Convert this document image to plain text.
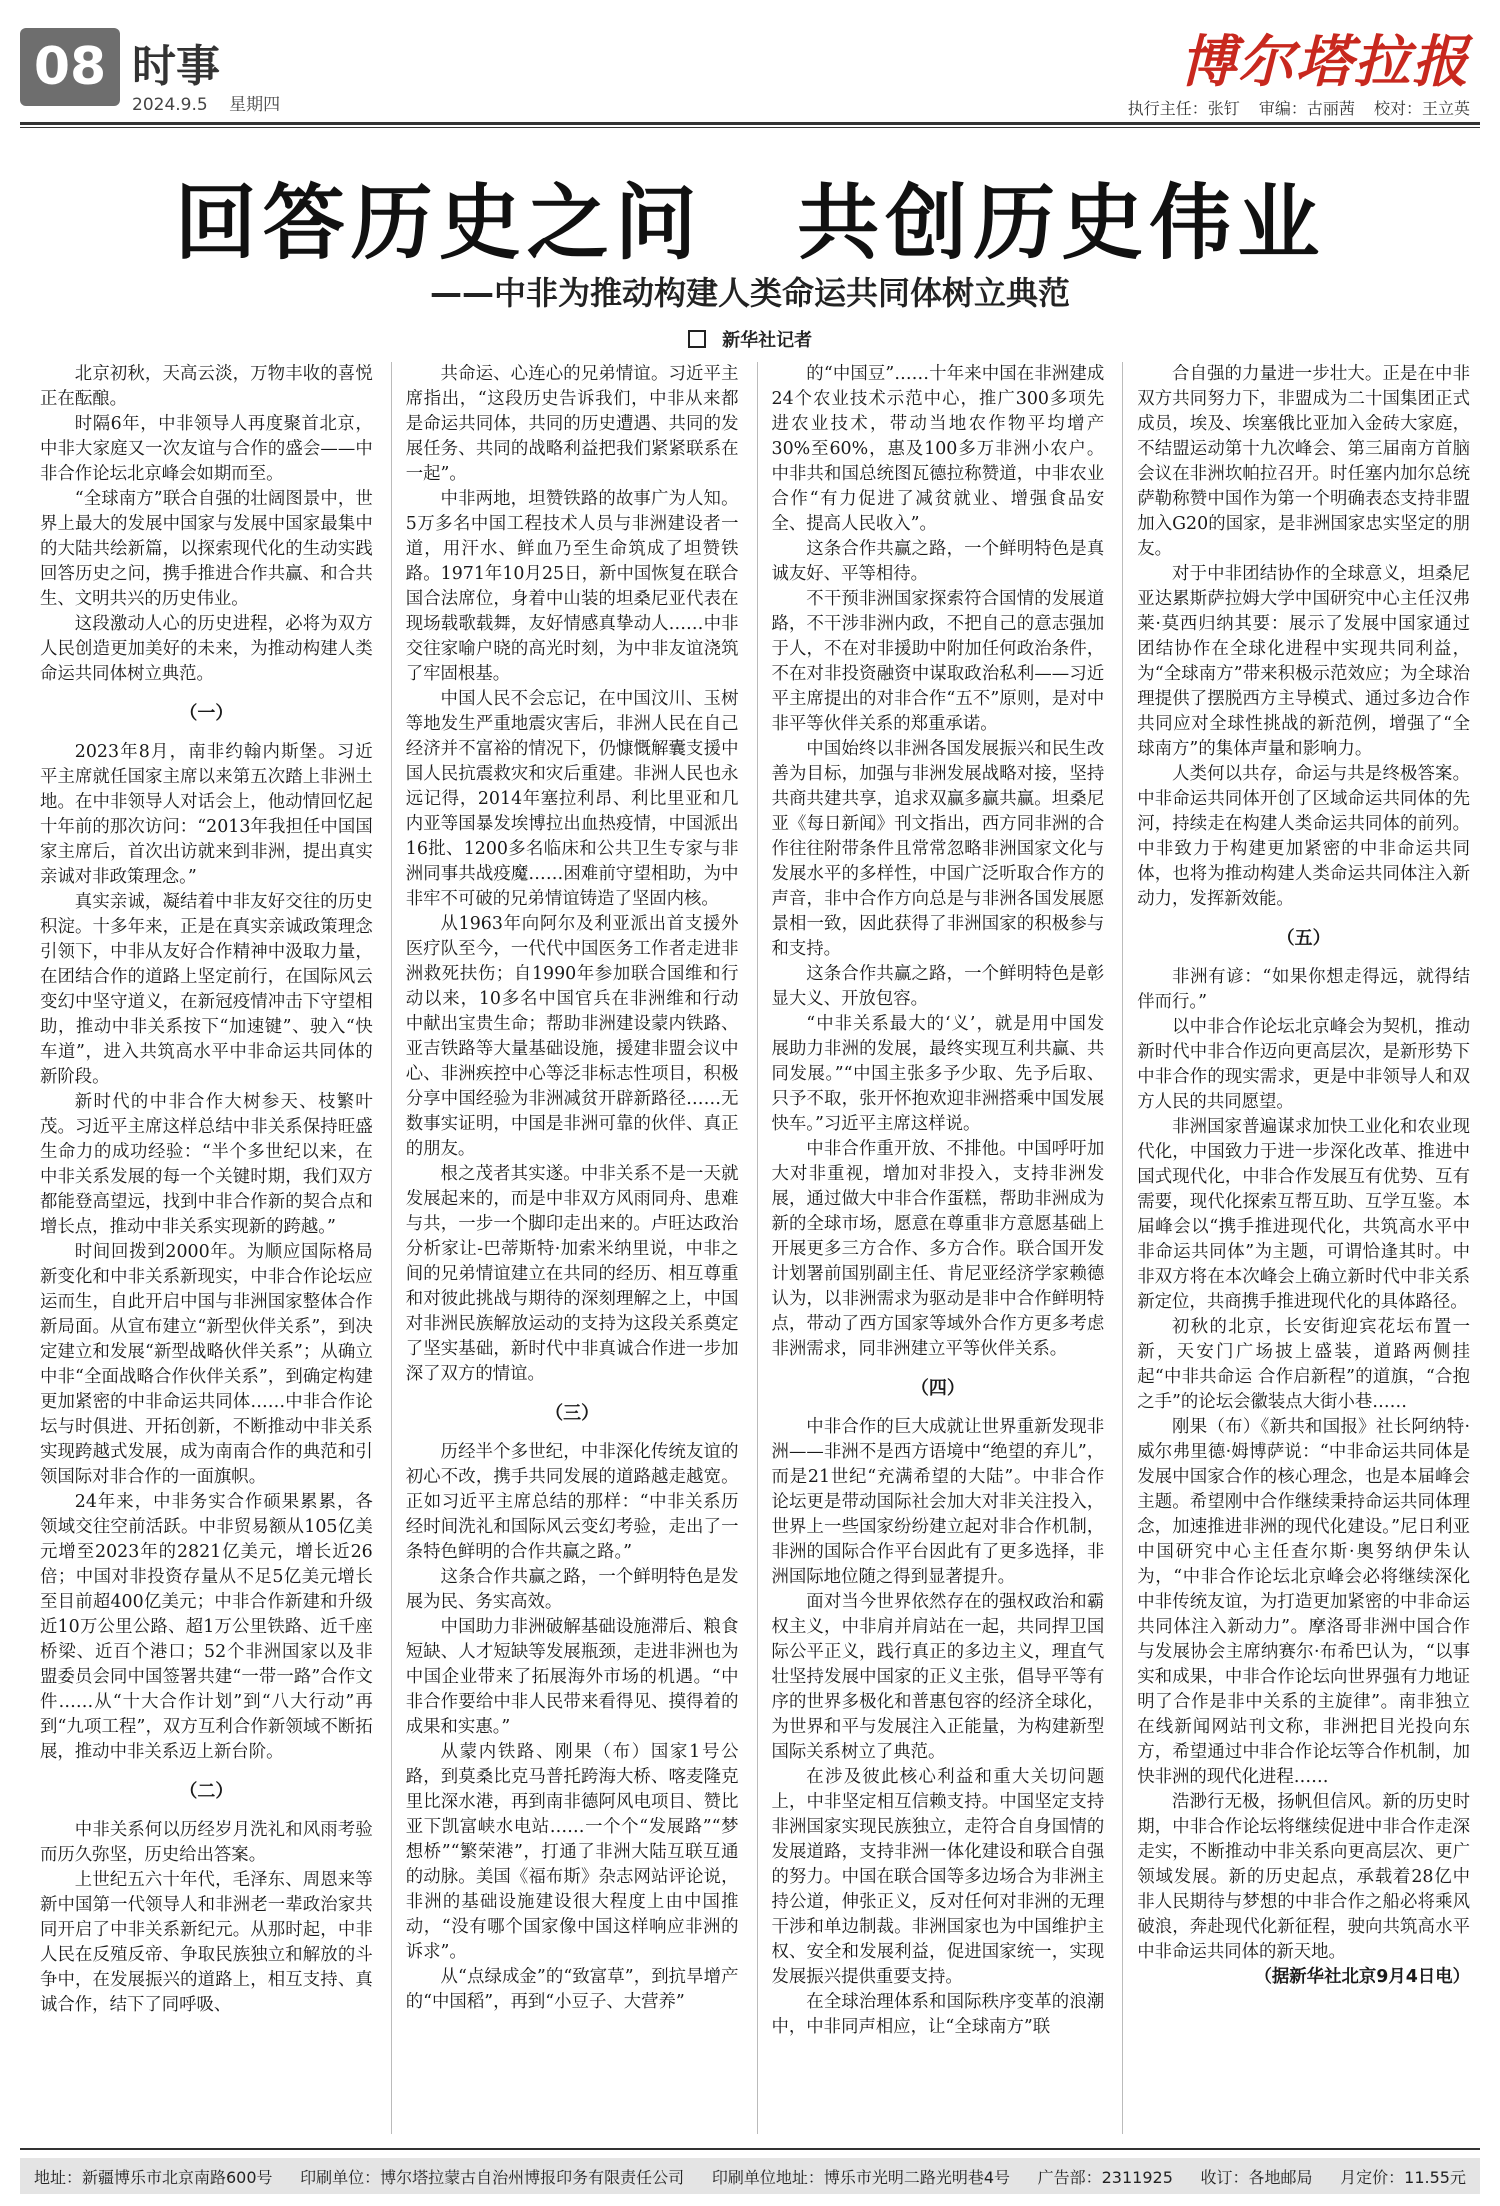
08 时事
2024.9.5 星期四
博尔塔拉报
执行主任：张钉 审编：古丽茜 校对：王立英
回答历史之问 共创历史伟业
——中非为推动构建人类命运共同体树立典范
新华社记者

北京初秋，天高云淡，万物丰收的喜悦正在酝酿。

时隔6年，中非领导人再度聚首北京，中非大家庭又一次友谊与合作的盛会——中非合作论坛北京峰会如期而至。

“全球南方”联合自强的壮阔图景中，世界上最大的发展中国家与发展中国家最集中的大陆共绘新篇，以探索现代化的生动实践回答历史之问，携手推进合作共赢、和合共生、文明共兴的历史伟业。

这段激动人心的历史进程，必将为双方人民创造更加美好的未来，为推动构建人类命运共同体树立典范。

（一）

2023年8月，南非约翰内斯堡。习近平主席就任国家主席以来第五次踏上非洲土地。在中非领导人对话会上，他动情回忆起十年前的那次访问：“2013年我担任中国国家主席后，首次出访就来到非洲，提出真实亲诚对非政策理念。”

真实亲诚，凝结着中非友好交往的历史积淀。十多年来，正是在真实亲诚政策理念引领下，中非从友好合作精神中汲取力量，在团结合作的道路上坚定前行，在国际风云变幻中坚守道义，在新冠疫情冲击下守望相助，推动中非关系按下“加速键”、驶入“快车道”，进入共筑高水平中非命运共同体的新阶段。

新时代的中非合作大树参天、枝繁叶茂。习近平主席这样总结中非关系保持旺盛生命力的成功经验：“半个多世纪以来，在中非关系发展的每一个关键时期，我们双方都能登高望远，找到中非合作新的契合点和增长点，推动中非关系实现新的跨越。”

时间回拨到2000年。为顺应国际格局新变化和中非关系新现实，中非合作论坛应运而生，自此开启中国与非洲国家整体合作新局面。从宣布建立“新型伙伴关系”，到决定建立和发展“新型战略伙伴关系”；从确立中非“全面战略合作伙伴关系”，到确定构建更加紧密的中非命运共同体……中非合作论坛与时俱进、开拓创新，不断推动中非关系实现跨越式发展，成为南南合作的典范和引领国际对非合作的一面旗帜。

24年来，中非务实合作硕果累累，各领域交往空前活跃。中非贸易额从105亿美元增至2023年的2821亿美元，增长近26倍；中国对非投资存量从不足5亿美元增长至目前超400亿美元；中非合作新建和升级近10万公里公路、超1万公里铁路、近千座桥梁、近百个港口；52个非洲国家以及非盟委员会同中国签署共建“一带一路”合作文件……从“十大合作计划”到“八大行动”再到“九项工程”，双方互利合作新领域不断拓展，推动中非关系迈上新台阶。

（二）

中非关系何以历经岁月洗礼和风雨考验而历久弥坚，历史给出答案。

上世纪五六十年代，毛泽东、周恩来等新中国第一代领导人和非洲老一辈政治家共同开启了中非关系新纪元。从那时起，中非人民在反殖反帝、争取民族独立和解放的斗争中，在发展振兴的道路上，相互支持、真诚合作，结下了同呼吸、

共命运、心连心的兄弟情谊。习近平主席指出，“这段历史告诉我们，中非从来都是命运共同体，共同的历史遭遇、共同的发展任务、共同的战略利益把我们紧紧联系在一起”。

中非两地，坦赞铁路的故事广为人知。5万多名中国工程技术人员与非洲建设者一道，用汗水、鲜血乃至生命筑成了坦赞铁路。1971年10月25日，新中国恢复在联合国合法席位，身着中山装的坦桑尼亚代表在现场载歌载舞，友好情感真挚动人……中非交往家喻户晓的高光时刻，为中非友谊浇筑了牢固根基。

中国人民不会忘记，在中国汶川、玉树等地发生严重地震灾害后，非洲人民在自己经济并不富裕的情况下，仍慷慨解囊支援中国人民抗震救灾和灾后重建。非洲人民也永远记得，2014年塞拉利昂、利比里亚和几内亚等国暴发埃博拉出血热疫情，中国派出16批、1200多名临床和公共卫生专家与非洲同事共战疫魔……困难前守望相助，为中非牢不可破的兄弟情谊铸造了坚固内核。

从1963年向阿尔及利亚派出首支援外医疗队至今，一代代中国医务工作者走进非洲救死扶伤；自1990年参加联合国维和行动以来，10多名中国官兵在非洲维和行动中献出宝贵生命；帮助非洲建设蒙内铁路、亚吉铁路等大量基础设施，援建非盟会议中心、非洲疾控中心等泛非标志性项目，积极分享中国经验为非洲减贫开辟新路径……无数事实证明，中国是非洲可靠的伙伴、真正的朋友。

根之茂者其实遂。中非关系不是一天就发展起来的，而是中非双方风雨同舟、患难与共，一步一个脚印走出来的。卢旺达政治分析家让-巴蒂斯特·加索米纳里说，中非之间的兄弟情谊建立在共同的经历、相互尊重和对彼此挑战与期待的深刻理解之上，中国对非洲民族解放运动的支持为这段关系奠定了坚实基础，新时代中非真诚合作进一步加深了双方的情谊。

（三）

历经半个多世纪，中非深化传统友谊的初心不改，携手共同发展的道路越走越宽。正如习近平主席总结的那样：“中非关系历经时间洗礼和国际风云变幻考验，走出了一条特色鲜明的合作共赢之路。”

这条合作共赢之路，一个鲜明特色是发展为民、务实高效。

中国助力非洲破解基础设施滞后、粮食短缺、人才短缺等发展瓶颈，走进非洲也为中国企业带来了拓展海外市场的机遇。“中非合作要给中非人民带来看得见、摸得着的成果和实惠。”

从蒙内铁路、刚果（布）国家1号公路，到莫桑比克马普托跨海大桥、喀麦隆克里比深水港，再到南非德阿风电项目、赞比亚下凯富峡水电站……一个个“发展路”“梦想桥”“繁荣港”，打通了非洲大陆互联互通的动脉。美国《福布斯》杂志网站评论说，非洲的基础设施建设很大程度上由中国推动，“没有哪个国家像中国这样响应非洲的诉求”。

从“点绿成金”的“致富草”，到抗旱增产的“中国稻”，再到“小豆子、大营养”

的“中国豆”……十年来中国在非洲建成24个农业技术示范中心，推广300多项先进农业技术，带动当地农作物平均增产30%至60%，惠及100多万非洲小农户。中非共和国总统图瓦德拉称赞道，中非农业合作“有力促进了减贫就业、增强食品安全、提高人民收入”。

这条合作共赢之路，一个鲜明特色是真诚友好、平等相待。

不干预非洲国家探索符合国情的发展道路，不干涉非洲内政，不把自己的意志强加于人，不在对非援助中附加任何政治条件，不在对非投资融资中谋取政治私利——习近平主席提出的对非合作“五不”原则，是对中非平等伙伴关系的郑重承诺。

中国始终以非洲各国发展振兴和民生改善为目标，加强与非洲发展战略对接，坚持共商共建共享，追求双赢多赢共赢。坦桑尼亚《每日新闻》刊文指出，西方同非洲的合作往往附带条件且常常忽略非洲国家文化与发展水平的多样性，中国广泛听取合作方的声音，非中合作方向总是与非洲各国发展愿景相一致，因此获得了非洲国家的积极参与和支持。

这条合作共赢之路，一个鲜明特色是彰显大义、开放包容。

“中非关系最大的‘义’，就是用中国发展助力非洲的发展，最终实现互利共赢、共同发展。”“中国主张多予少取、先予后取、只予不取，张开怀抱欢迎非洲搭乘中国发展快车。”习近平主席这样说。

中非合作重开放、不排他。中国呼吁加大对非重视，增加对非投入，支持非洲发展，通过做大中非合作蛋糕，帮助非洲成为新的全球市场，愿意在尊重非方意愿基础上开展更多三方合作、多方合作。联合国开发计划署前国别副主任、肯尼亚经济学家赖德认为，以非洲需求为驱动是非中合作鲜明特点，带动了西方国家等域外合作方更多考虑非洲需求，同非洲建立平等伙伴关系。

（四）

中非合作的巨大成就让世界重新发现非洲——非洲不是西方语境中“绝望的弃儿”，而是21世纪“充满希望的大陆”。中非合作论坛更是带动国际社会加大对非关注投入，世界上一些国家纷纷建立起对非合作机制，非洲的国际合作平台因此有了更多选择，非洲国际地位随之得到显著提升。

面对当今世界依然存在的强权政治和霸权主义，中非肩并肩站在一起，共同捍卫国际公平正义，践行真正的多边主义，理直气壮坚持发展中国家的正义主张，倡导平等有序的世界多极化和普惠包容的经济全球化，为世界和平与发展注入正能量，为构建新型国际关系树立了典范。

在涉及彼此核心利益和重大关切问题上，中非坚定相互信赖支持。中国坚定支持非洲国家实现民族独立，走符合自身国情的发展道路，支持非洲一体化建设和联合自强的努力。中国在联合国等多边场合为非洲主持公道，伸张正义，反对任何对非洲的无理干涉和单边制裁。非洲国家也为中国维护主权、安全和发展利益，促进国家统一，实现发展振兴提供重要支持。

在全球治理体系和国际秩序变革的浪潮中，中非同声相应，让“全球南方”联

合自强的力量进一步壮大。正是在中非双方共同努力下，非盟成为二十国集团正式成员，埃及、埃塞俄比亚加入金砖大家庭，不结盟运动第十九次峰会、第三届南方首脑会议在非洲坎帕拉召开。时任塞内加尔总统萨勒称赞中国作为第一个明确表态支持非盟加入G20的国家，是非洲国家忠实坚定的朋友。

对于中非团结协作的全球意义，坦桑尼亚达累斯萨拉姆大学中国研究中心主任汉弗莱·莫西归纳其要：展示了发展中国家通过团结协作在全球化进程中实现共同利益，为“全球南方”带来积极示范效应；为全球治理提供了摆脱西方主导模式、通过多边合作共同应对全球性挑战的新范例，增强了“全球南方”的集体声量和影响力。

人类何以共存，命运与共是终极答案。中非命运共同体开创了区域命运共同体的先河，持续走在构建人类命运共同体的前列。中非致力于构建更加紧密的中非命运共同体，也将为推动构建人类命运共同体注入新动力，发挥新效能。

（五）

非洲有谚：“如果你想走得远，就得结伴而行。”

以中非合作论坛北京峰会为契机，推动新时代中非合作迈向更高层次，是新形势下中非合作的现实需求，更是中非领导人和双方人民的共同愿望。

非洲国家普遍谋求加快工业化和农业现代化，中国致力于进一步深化改革、推进中国式现代化，中非合作发展互有优势、互有需要，现代化探索互帮互助、互学互鉴。本届峰会以“携手推进现代化，共筑高水平中非命运共同体”为主题，可谓恰逢其时。中非双方将在本次峰会上确立新时代中非关系新定位，共商携手推进现代化的具体路径。

初秋的北京，长安街迎宾花坛布置一新，天安门广场披上盛装，道路两侧挂起“中非共命运 合作启新程”的道旗，“合抱之手”的论坛会徽装点大街小巷……

刚果（布）《新共和国报》社长阿纳特·威尔弗里德·姆博萨说：“中非命运共同体是发展中国家合作的核心理念，也是本届峰会主题。希望刚中合作继续秉持命运共同体理念，加速推进非洲的现代化建设。”尼日利亚中国研究中心主任查尔斯·奥努纳伊朱认为，“中非合作论坛北京峰会必将继续深化中非传统友谊，为打造更加紧密的中非命运共同体注入新动力”。摩洛哥非洲中国合作与发展协会主席纳赛尔·布希巴认为，“以事实和成果，中非合作论坛向世界强有力地证明了合作是非中关系的主旋律”。南非独立在线新闻网站刊文称，非洲把目光投向东方，希望通过中非合作论坛等合作机制，加快非洲的现代化进程……

浩渺行无极，扬帆但信风。新的历史时期，中非合作论坛将继续促进中非合作走深走实，不断推动中非关系向更高层次、更广领域发展。新的历史起点，承载着28亿中非人民期待与梦想的中非合作之船必将乘风破浪，奔赴现代化新征程，驶向共筑高水平中非命运共同体的新天地。

（据新华社北京9月4日电）

地址：新疆博乐市北京南路600号 印刷单位：博尔塔拉蒙古自治州博报印务有限责任公司 印刷单位地址：博乐市光明二路光明巷4号 广告部：2311925 收订：各地邮局 月定价：11.55元
